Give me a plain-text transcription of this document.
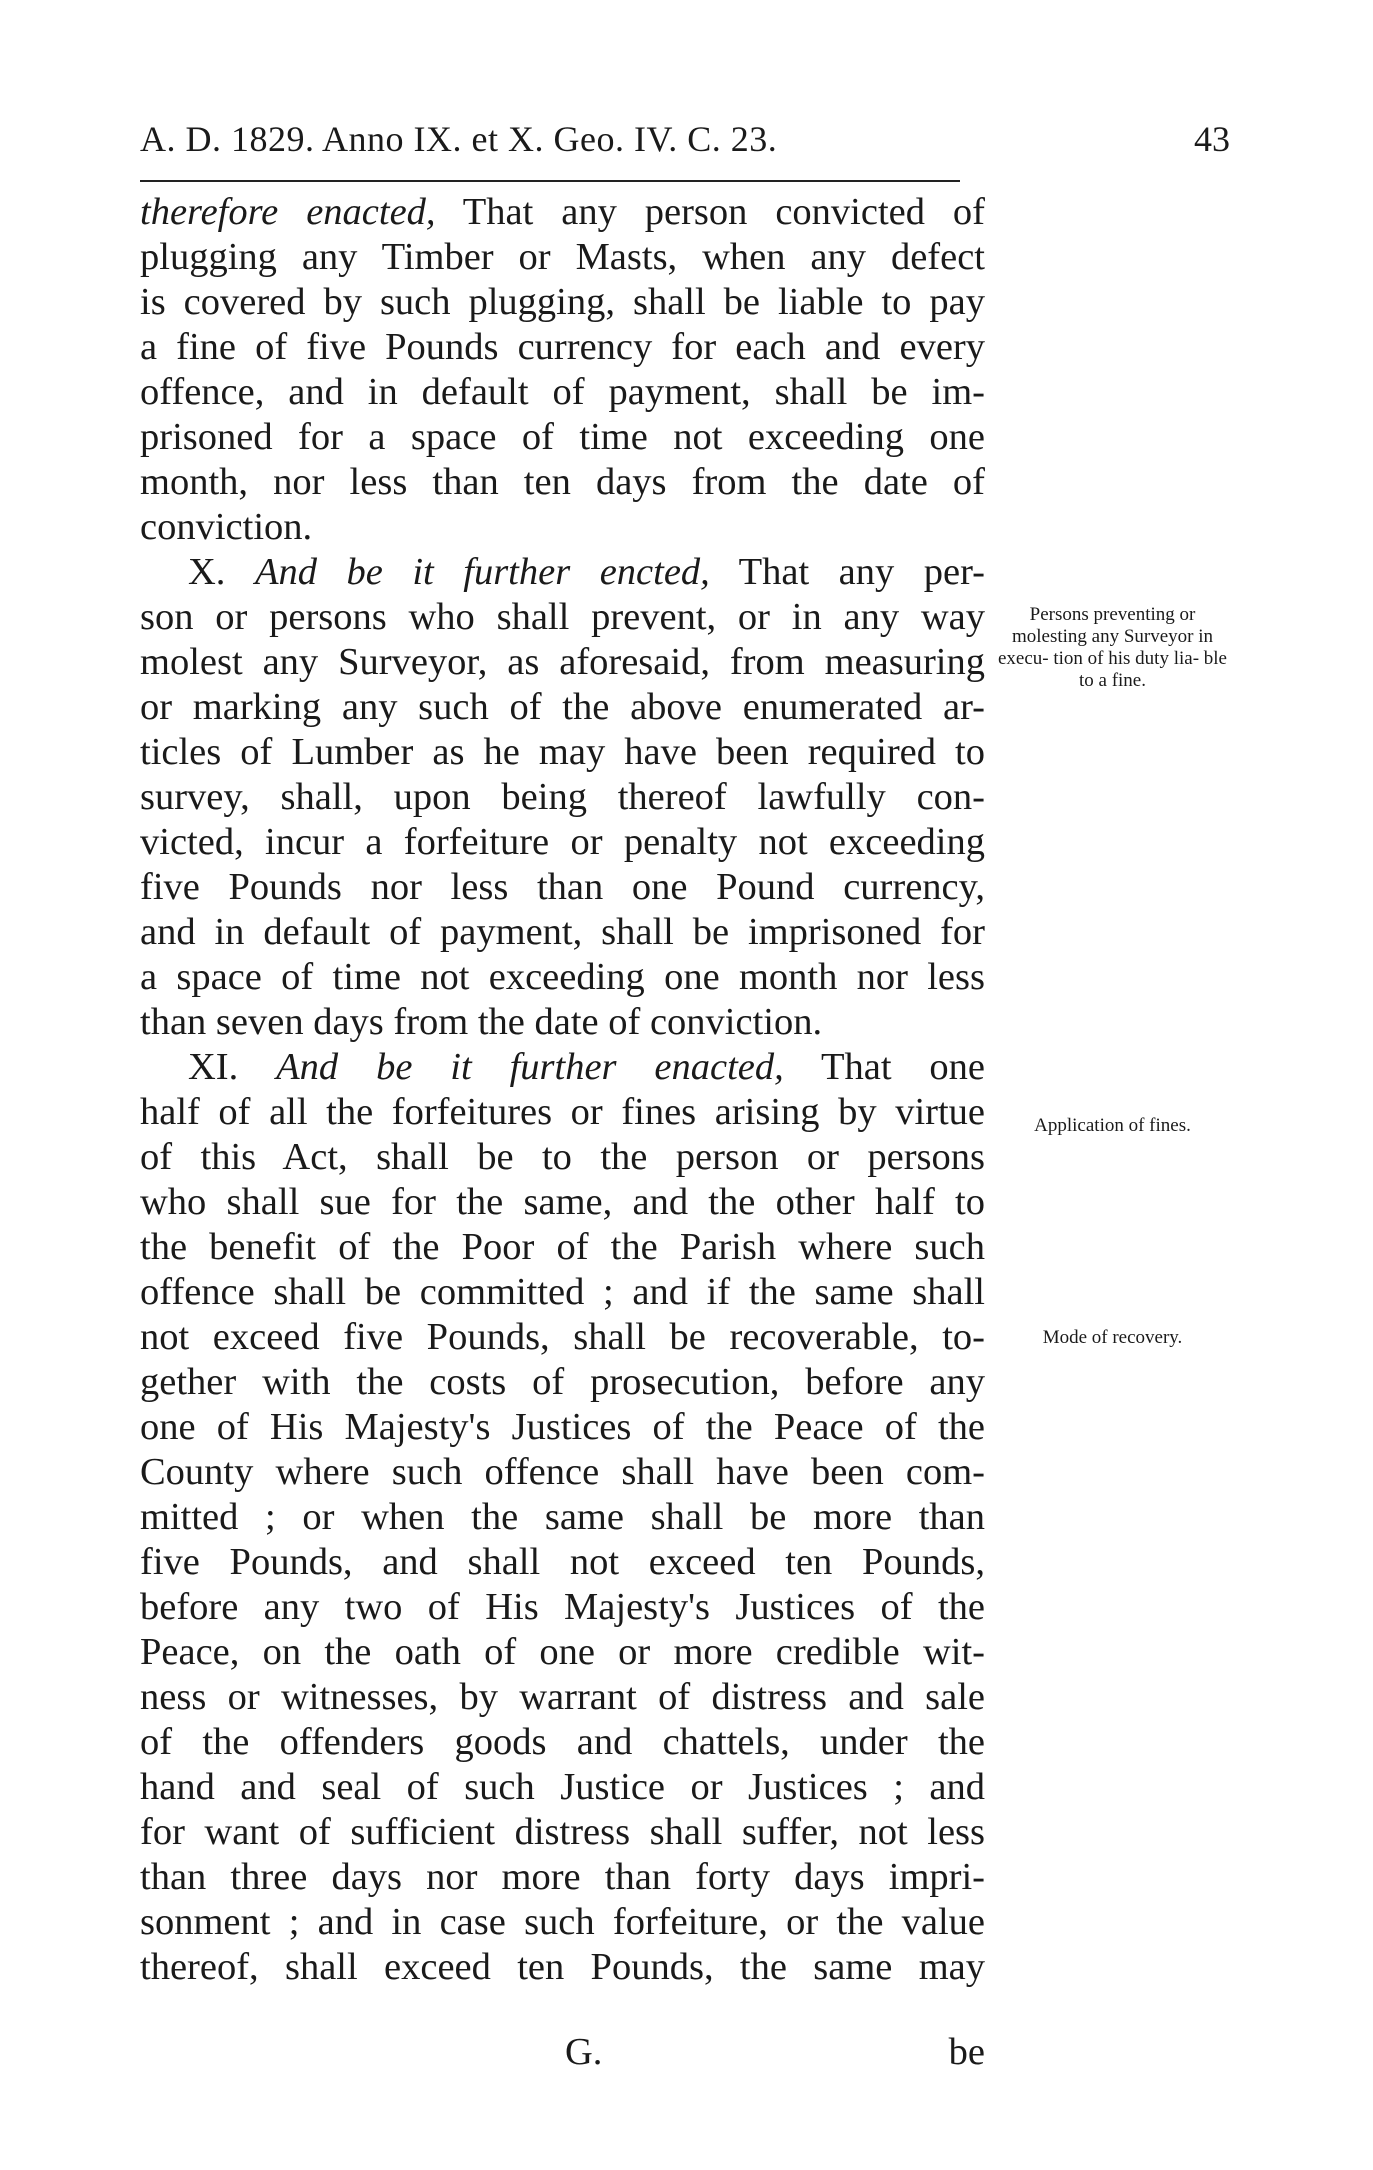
A. D. 1829. Anno IX. et X. Geo. IV. C. 23.	43
therefore enacted, That any person convicted of
plugging any Timber or Masts, when any defect
is covered by such plugging, shall be liable to pay
a fine of five Pounds currency for each and every
offence, and in default of payment, shall be im-
prisoned for a space of time not exceeding one
month, nor less than ten days from the date of
conviction.
X. And be it further encted, That any per-
son or persons who shall prevent, or in any way
molest any Surveyor, as aforesaid, from measuring
or marking any such of the above enumerated ar-
ticles of Lumber as he may have been required to
survey, shall, upon being thereof lawfully con-
victed, incur a forfeiture or penalty not exceeding
five Pounds nor less than one Pound currency,
and in default of payment, shall be imprisoned for
a space of time not exceeding one month nor less
than seven days from the date of conviction.
XI. And be it further enacted, That one
half of all the forfeitures or fines arising by virtue
of this Act, shall be to the person or persons
who shall sue for the same, and the other half to
the benefit of the Poor of the Parish where such
offence shall be committed ; and if the same shall
not exceed five Pounds, shall be recoverable, to-
gether with the costs of prosecution, before any
one of His Majesty's Justices of the Peace of the
County where such offence shall have been com-
mitted ; or when the same shall be more than
five Pounds, and shall not exceed ten Pounds,
before any two of His Majesty's Justices of the
Peace, on the oath of one or more credible wit-
ness or witnesses, by warrant of distress and sale
of the offenders goods and chattels, under the
hand and seal of such Justice or Justices ; and
for want of sufficient distress shall suffer, not less
than three days nor more than forty days impri-
sonment ; and in case such forfeiture, or the value
thereof, shall exceed ten Pounds, the same may
Persons preventing or molesting any Surveyor in execu- tion of his duty lia- ble to a fine.
Application of fines.
Mode of recovery.
G.	be
